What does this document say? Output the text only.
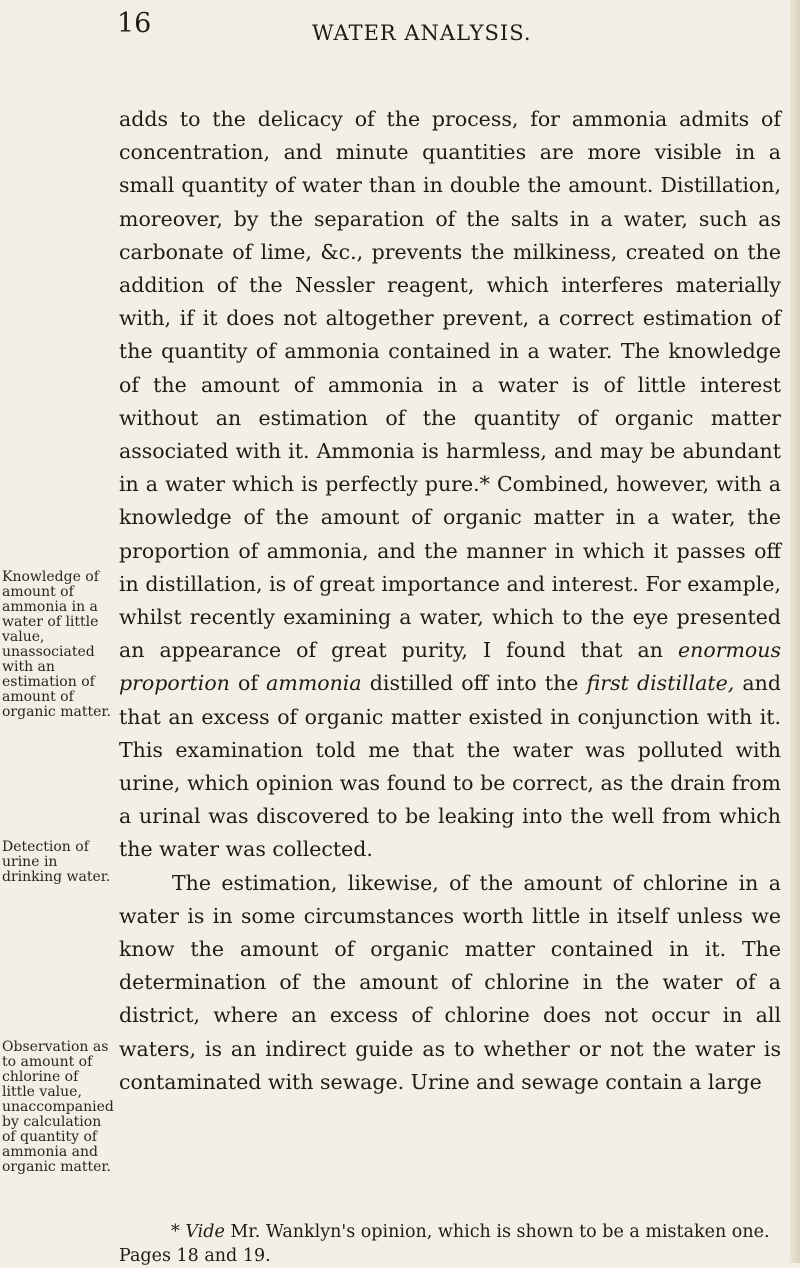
16	WATER ANALYSIS.

adds to the delicacy of the process, for ammonia admits of concentration, and minute quantities are more visible in a small quantity of water than in double the amount. Distillation, moreover, by the separation of the salts in a water, such as carbonate of lime, &c., prevents the milkiness, created on the addition of the Nessler reagent, which interferes materially with, if it does not altogether prevent, a correct estimation of the quantity of ammonia contained in a water. The knowledge of the amount of ammonia in a water is of little interest without an estimation of the quantity of organic matter associated with it. Ammonia is harmless, and may be abundant in a water which is perfectly pure.* Combined, however, with a knowledge of the amount of organic matter in a water, the proportion of ammonia, and the manner in which it passes off in distillation, is of great importance and interest. For example, whilst recently examining a water, which to the eye presented an appearance of great purity, I found that an enormous proportion of ammonia distilled off into the first distillate, and that an excess of organic matter existed in conjunction with it. This examination told me that the water was polluted with urine, which opinion was found to be correct, as the drain from a urinal was discovered to be leaking into the well from which the water was collected.

The estimation, likewise, of the amount of chlorine in a water is in some circumstances worth little in itself unless we know the amount of organic matter contained in it. The determination of the amount of chlorine in the water of a district, where an excess of chlorine does not occur in all waters, is an indirect guide as to whether or not the water is contaminated with sewage. Urine and sewage contain a large

Knowledge of amount of ammonia in a water of little value, unassociated with an estimation of amount of organic matter.

Detection of urine in drinking water.

Observation as to amount of chlorine of little value, unaccompanied by calculation of quantity of ammonia and organic matter.

* Vide Mr. Wanklyn's opinion, which is shown to be a mistaken one. Pages 18 and 19.
